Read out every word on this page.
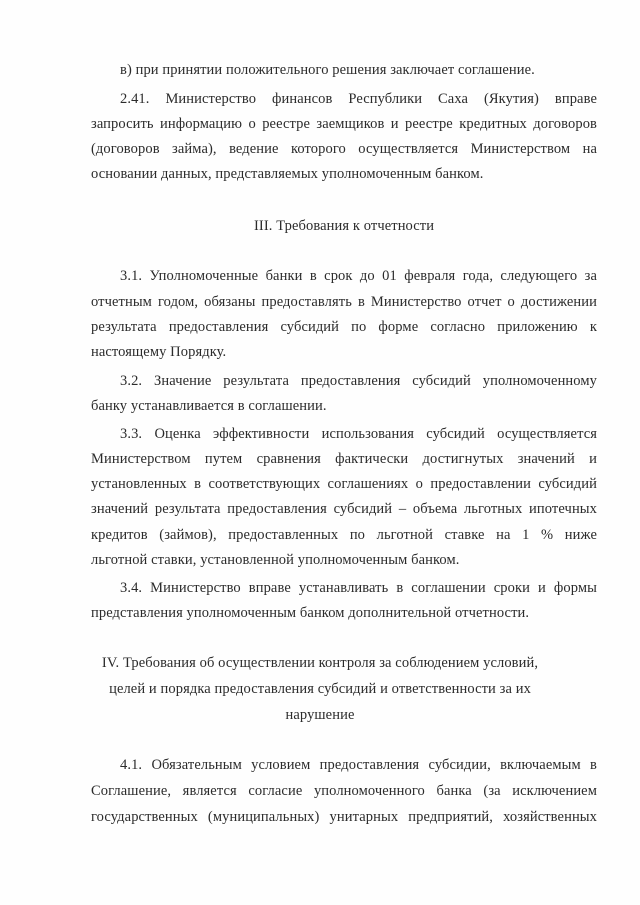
в) при принятии положительного решения заключает соглашение.
2.41. Министерство финансов Республики Саха (Якутия) вправе
запросить информацию о реестре заемщиков и реестре кредитных договоров
(договоров займа), ведение которого осуществляется Министерством на
основании данных, представляемых уполномоченным банком.
III. Требования к отчетности
3.1. Уполномоченные банки в срок до 01 февраля года, следующего за
отчетным годом, обязаны предоставлять в Министерство отчет о достижении
результата предоставления субсидий по форме согласно приложению к
настоящему Порядку.
3.2. Значение результата предоставления субсидий уполномоченному
банку устанавливается в соглашении.
3.3. Оценка эффективности использования субсидий осуществляется
Министерством путем сравнения фактически достигнутых значений и
установленных в соответствующих соглашениях о предоставлении субсидий
значений результата предоставления субсидий – объема льготных ипотечных
кредитов (займов), предоставленных по льготной ставке на 1 % ниже
льготной ставки, установленной уполномоченным банком.
3.4. Министерство вправе устанавливать в соглашении сроки и формы
представления уполномоченным банком дополнительной отчетности.
IV. Требования об осуществлении контроля за соблюдением условий,
целей и порядка предоставления субсидий и ответственности за их
нарушение
4.1. Обязательным условием предоставления субсидии, включаемым в
Соглашение, является согласие уполномоченного банка (за исключением
государственных (муниципальных) унитарных предприятий, хозяйственных
